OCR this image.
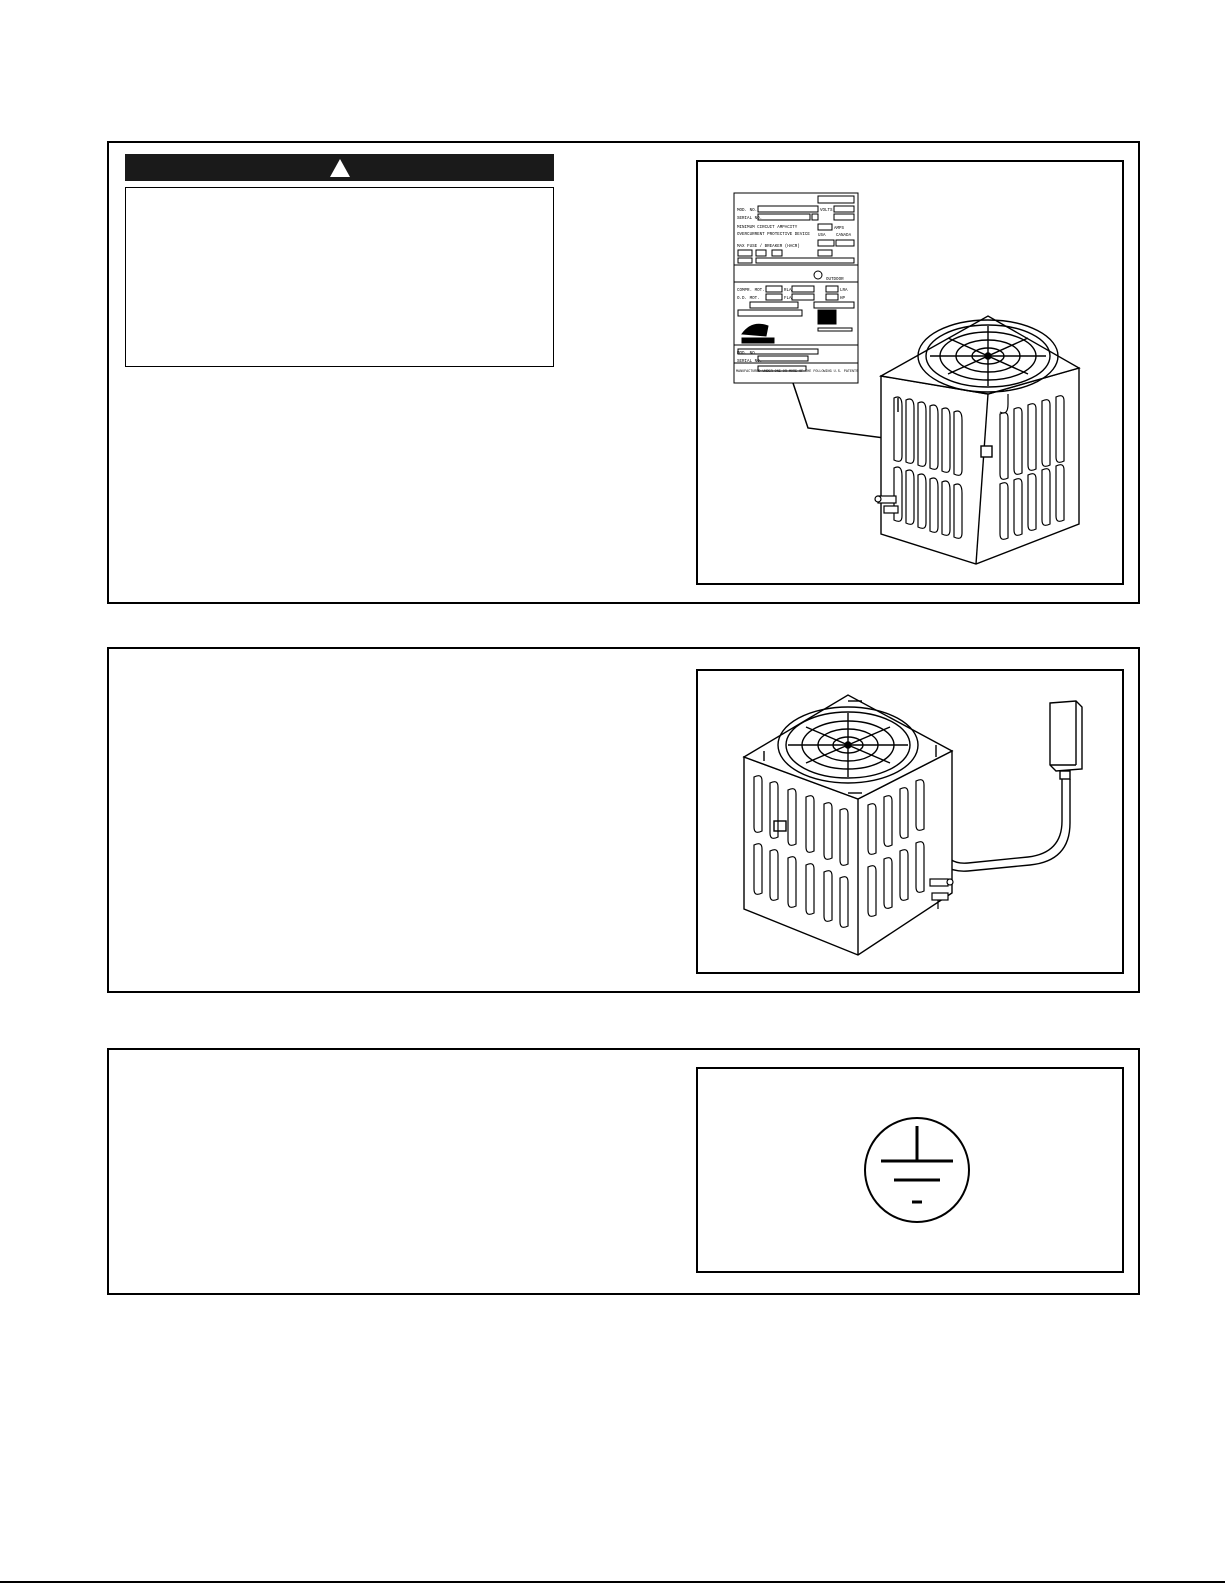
MOD. NO.
SERIAL NO.
VOLTS
MINIMUM CIRCUIT AMPACITY	AMPS
OVERCURRENT PROTECTIVE DEVICE USA CANADA
MAX FUSE / BREAKER (HACR)
OUTDOOR
COMPR. MOT.	RLA	LRA
O.D. MOT.	FLA	HP
MOD. NO.
SERIAL NO.
MANUFACTURED UNDER ONE OR MORE OF THE FOLLOWING U.S. PATENTS
